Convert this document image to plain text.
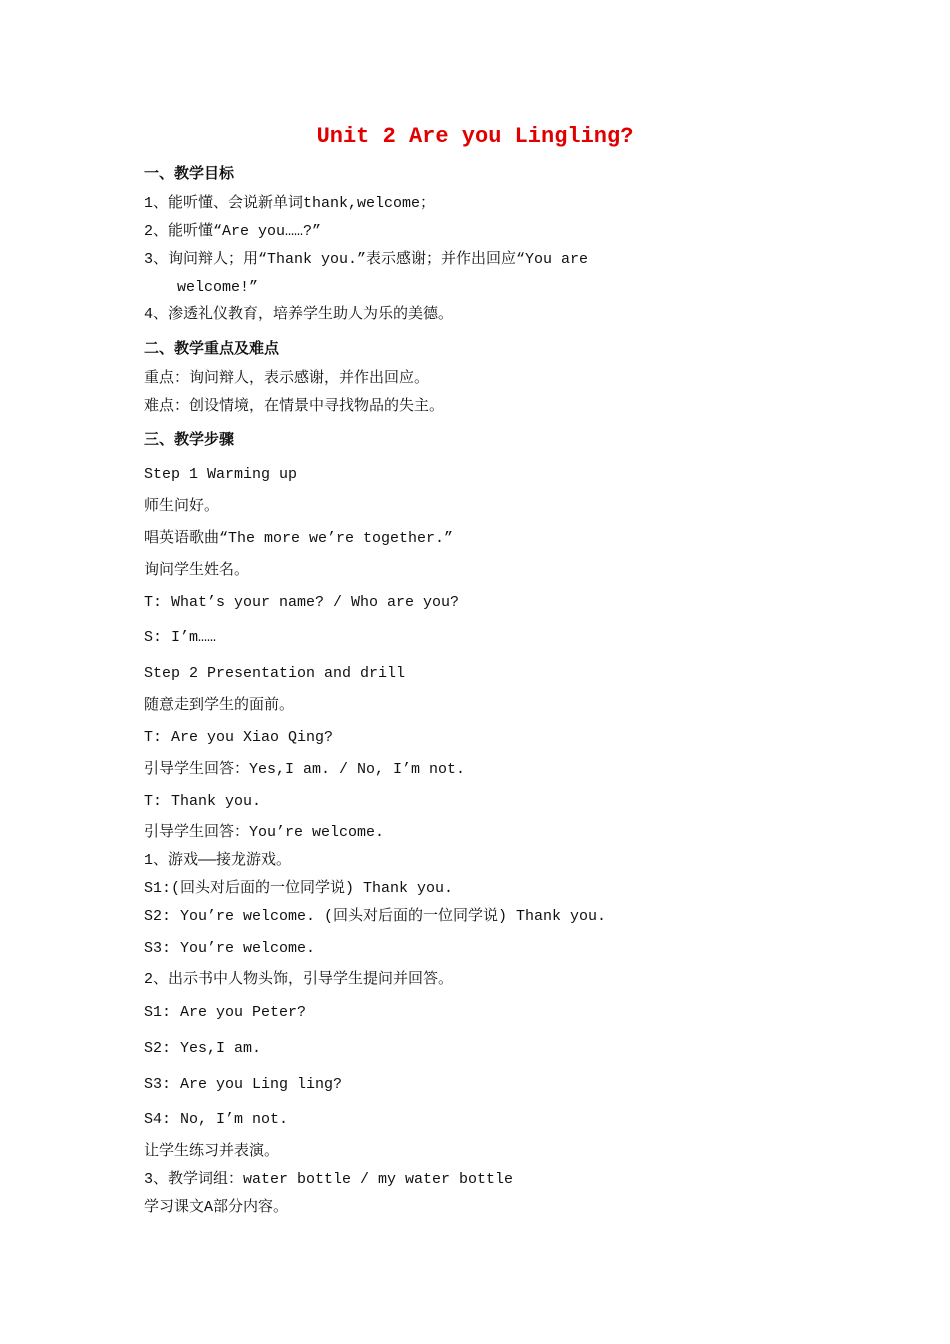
Unit 2 Are you Lingling?
一、教学目标
1、能听懂、会说新单词thank,welcome；
2、能听懂“Are you……?”
3、询问辩人；用“Thank you.”表示感谢；并作出回应“You are
welcome!”
4、渗透礼仪教育，培养学生助人为乐的美德。
二、教学重点及难点
重点：询问辩人，表示感谢，并作出回应。
难点：创设情境，在情景中寻找物品的失主。
三、教学步骤
Step 1 Warming up
师生问好。
唱英语歌曲“The more we’re together.”
询问学生姓名。
T: What’s your name? / Who are you?
S: I’m……
Step 2 Presentation and drill
随意走到学生的面前。
T: Are you Xiao Qing?
引导学生回答：Yes,I am. / No, I’m not.
T: Thank you.
引导学生回答：You’re welcome.
1、游戏——接龙游戏。
S1:(回头对后面的一位同学说) Thank you.
S2: You’re welcome. (回头对后面的一位同学说) Thank you.
S3: You’re welcome.
2、出示书中人物头饰，引导学生提问并回答。
S1: Are you Peter?
S2: Yes,I am.
S3: Are you Ling ling?
S4: No, I’m not.
让学生练习并表演。
3、教学词组：water bottle / my water bottle
学习课文A部分内容。
